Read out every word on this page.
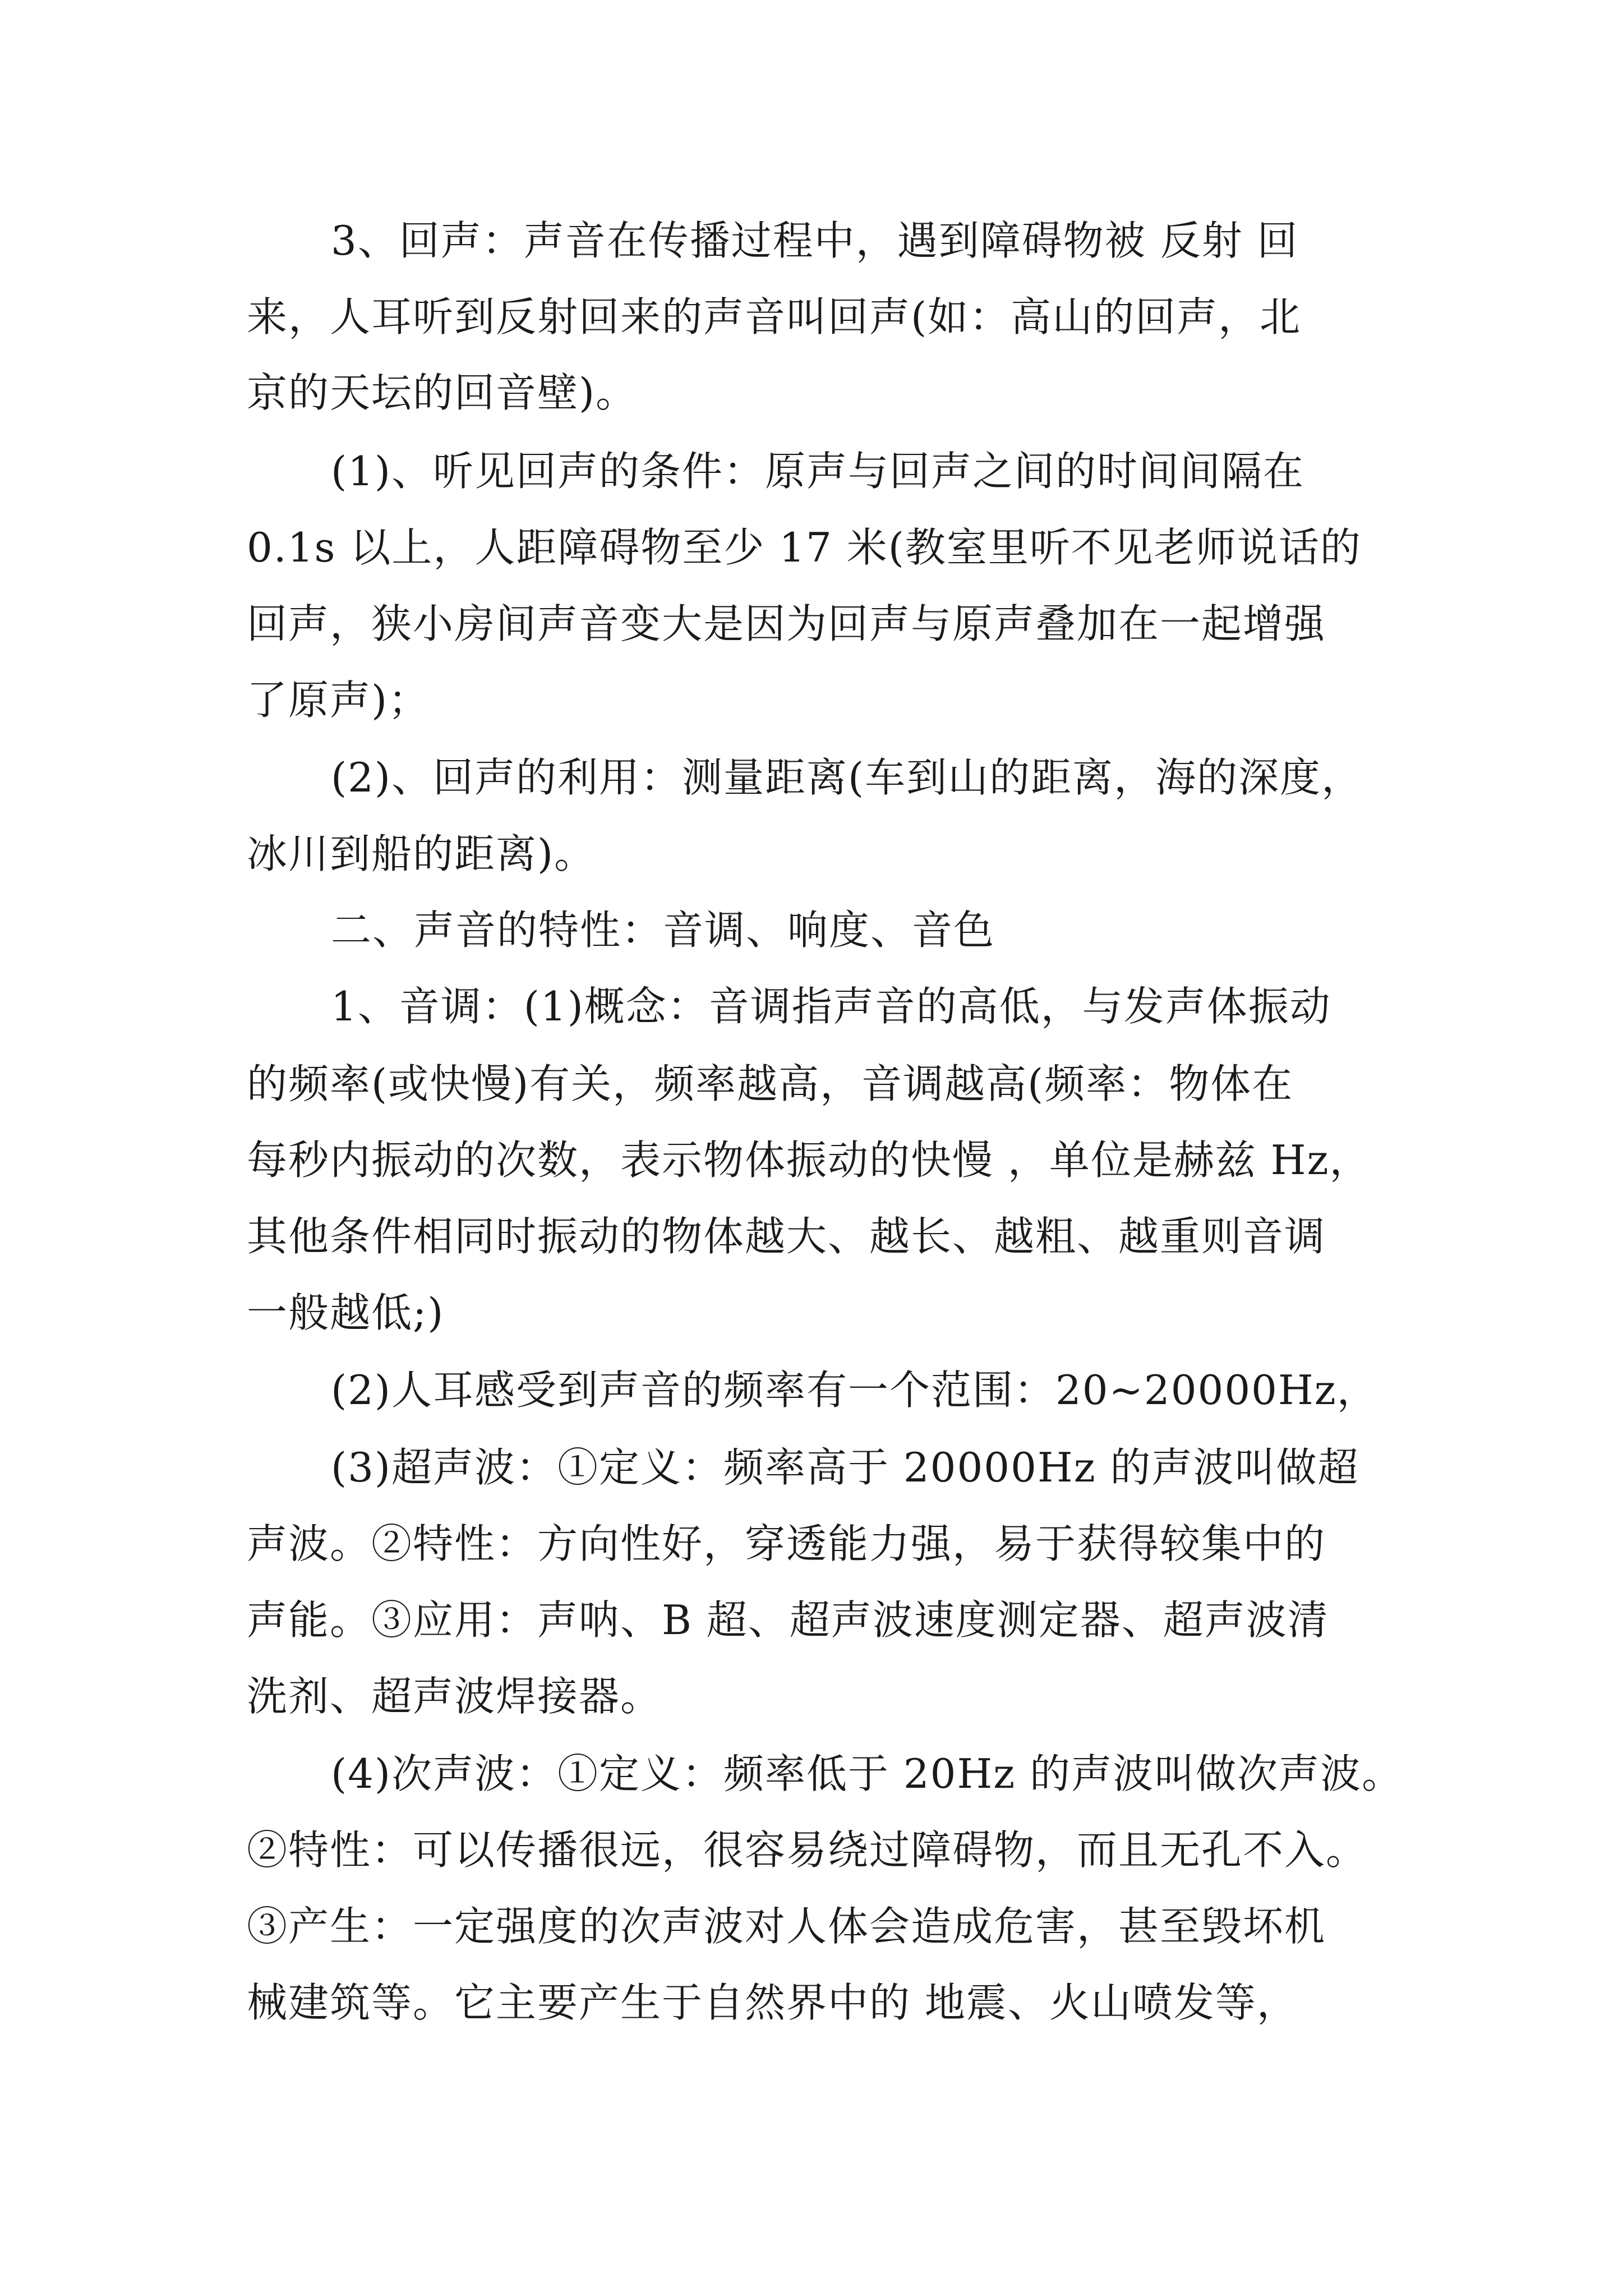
3、回声：声音在传播过程中，遇到障碍物被 反射 回
来，人耳听到反射回来的声音叫回声(如：高山的回声，北
京的天坛的回音壁)。
(1)、听见回声的条件：原声与回声之间的时间间隔在
0.1s 以上，人距障碍物至少 17 米(教室里听不见老师说话的
回声，狭小房间声音变大是因为回声与原声叠加在一起增强
了原声)；
(2)、回声的利用：测量距离(车到山的距离，海的深度，
冰川到船的距离)。
二、声音的特性：音调、响度、音色
1、音调：(1)概念：音调指声音的高低，与发声体振动
的频率(或快慢)有关，频率越高，音调越高(频率：物体在
每秒内振动的次数，表示物体振动的快慢 ，单位是赫兹 Hz，
其他条件相同时振动的物体越大、越长、越粗、越重则音调
一般越低;)
(2)人耳感受到声音的频率有一个范围：20~20000Hz，
(3)超声波：①定义：频率高于 20000Hz 的声波叫做超
声波。②特性：方向性好，穿透能力强，易于获得较集中的
声能。③应用：声呐、B 超、超声波速度测定器、超声波清
洗剂、超声波焊接器。
(4)次声波：①定义：频率低于 20Hz 的声波叫做次声波。
②特性：可以传播很远，很容易绕过障碍物，而且无孔不入。
③产生：一定强度的次声波对人体会造成危害，甚至毁坏机
械建筑等。它主要产生于自然界中的 地震、火山喷发等，
